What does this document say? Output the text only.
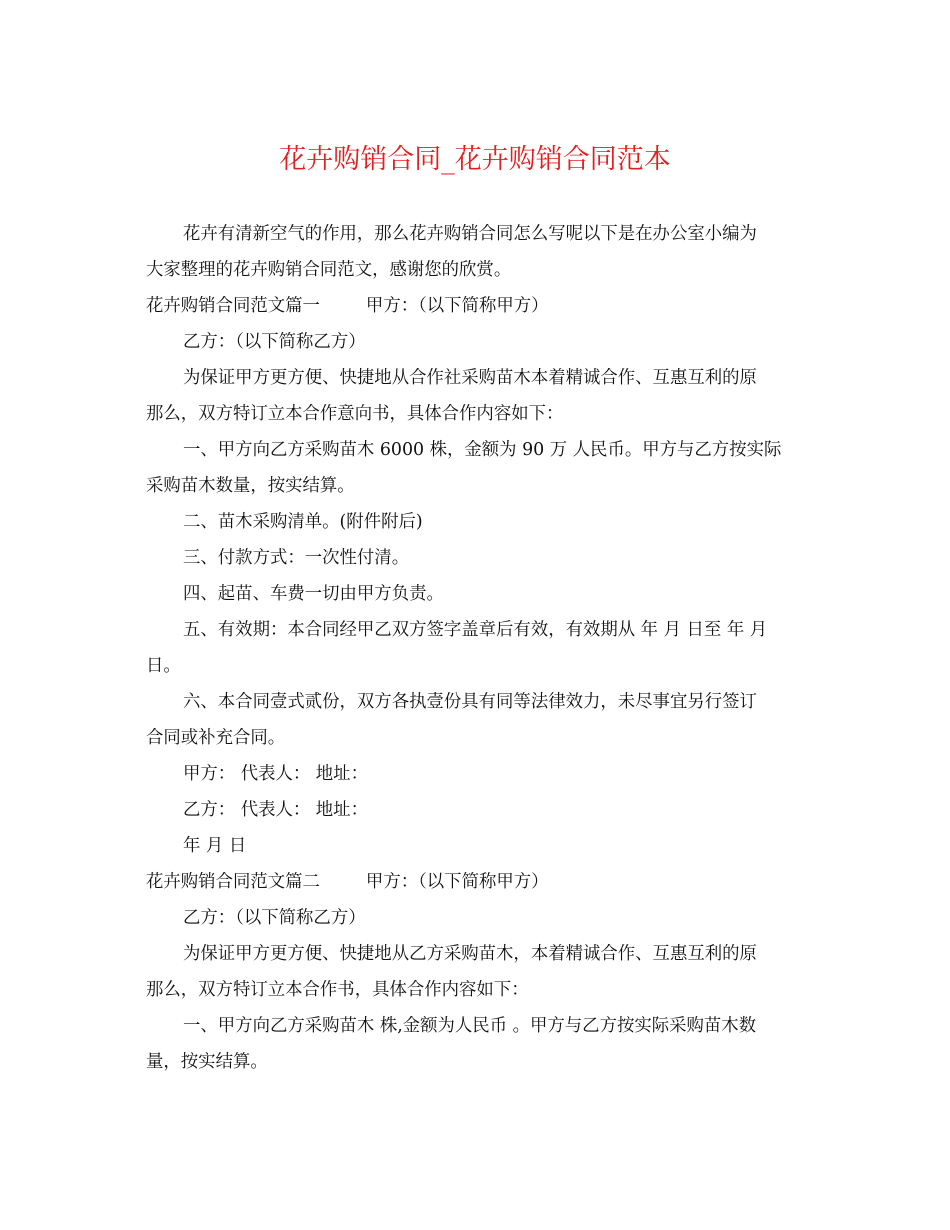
花卉购销合同_花卉购销合同范本

花卉有清新空气的作用，那么花卉购销合同怎么写呢以下是在办公室小编为

大家整理的花卉购销合同范文，感谢您的欣赏。

花卉购销合同范文篇一	甲方：（以下简称甲方）

乙方：（以下简称乙方）

为保证甲方更方便、快捷地从合作社采购苗木本着精诚合作、互惠互利的原

那么，双方特订立本合作意向书，具体合作内容如下：

一、甲方向乙方采购苗木 6000 株，金额为 90 万 人民币。甲方与乙方按实际

采购苗木数量，按实结算。

二、苗木采购清单。(附件附后)

三、付款方式：一次性付清。

四、起苗、车费一切由甲方负责。

五、有效期：本合同经甲乙双方签字盖章后有效，有效期从 年 月 日至 年 月

日。

六、本合同壹式贰份，双方各执壹份具有同等法律效力，未尽事宜另行签订

合同或补充合同。

甲方： 代表人： 地址：

乙方： 代表人： 地址：

年 月 日

花卉购销合同范文篇二	甲方：（以下简称甲方）

乙方：（以下简称乙方）

为保证甲方更方便、快捷地从乙方采购苗木，本着精诚合作、互惠互利的原

那么，双方特订立本合作书，具体合作内容如下：

一、甲方向乙方采购苗木 株,金额为人民币 。甲方与乙方按实际采购苗木数

量，按实结算。
